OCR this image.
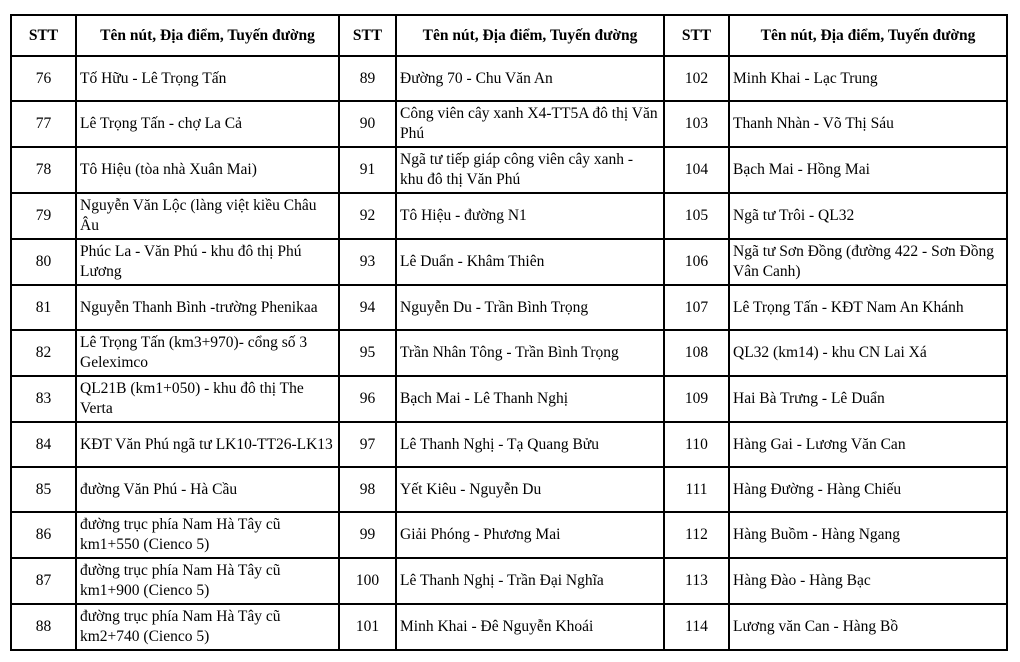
STT	Tên nút, Địa điểm, Tuyến đường	STT	Tên nút, Địa điểm, Tuyến đường	STT	Tên nút, Địa điểm, Tuyến đường
76	Tố Hữu - Lê Trọng Tấn	89	Đường 70 - Chu Văn An	102	Minh Khai - Lạc Trung
77	Lê Trọng Tấn - chợ La Cả	90	Công viên cây xanh X4-TT5A đô thị Văn Phú	103	Thanh Nhàn - Võ Thị Sáu
78	Tô Hiệu (tòa nhà Xuân Mai)	91	Ngã tư tiếp giáp công viên cây xanh - khu đô thị Văn Phú	104	Bạch Mai - Hồng Mai
79	Nguyễn Văn Lộc (làng việt kiều Châu Âu	92	Tô Hiệu - đường N1	105	Ngã tư Trôi - QL32
80	Phúc La - Văn Phú - khu đô thị Phú Lương	93	Lê Duẩn - Khâm Thiên	106	Ngã tư Sơn Đồng (đường 422 - Sơn Đồng Vân Canh)
81	Nguyễn Thanh Bình -trường Phenikaa	94	Nguyễn Du - Trần Bình Trọng	107	Lê Trọng Tấn - KĐT Nam An Khánh
82	Lê Trọng Tấn (km3+970)- cổng số 3 Geleximco	95	Trần Nhân Tông - Trần Bình Trọng	108	QL32 (km14) - khu CN Lai Xá
83	QL21B (km1+050) - khu đô thị The Verta	96	Bạch Mai - Lê Thanh Nghị	109	Hai Bà Trưng - Lê Duẩn
84	KĐT Văn Phú ngã tư LK10-TT26-LK13	97	Lê Thanh Nghị - Tạ Quang Bửu	110	Hàng Gai - Lương Văn Can
85	đường Văn Phú - Hà Cầu	98	Yết Kiêu - Nguyễn Du	111	Hàng Đường - Hàng Chiếu
86	đường trục phía Nam Hà Tây cũ km1+550 (Cienco 5)	99	Giải Phóng - Phương Mai	112	Hàng Buồm - Hàng Ngang
87	đường trục phía Nam Hà Tây cũ km1+900 (Cienco 5)	100	Lê Thanh Nghị - Trần Đại Nghĩa	113	Hàng Đào - Hàng Bạc
88	đường trục phía Nam Hà Tây cũ km2+740 (Cienco 5)	101	Minh Khai - Đê Nguyễn Khoái	114	Lương văn Can - Hàng Bồ
